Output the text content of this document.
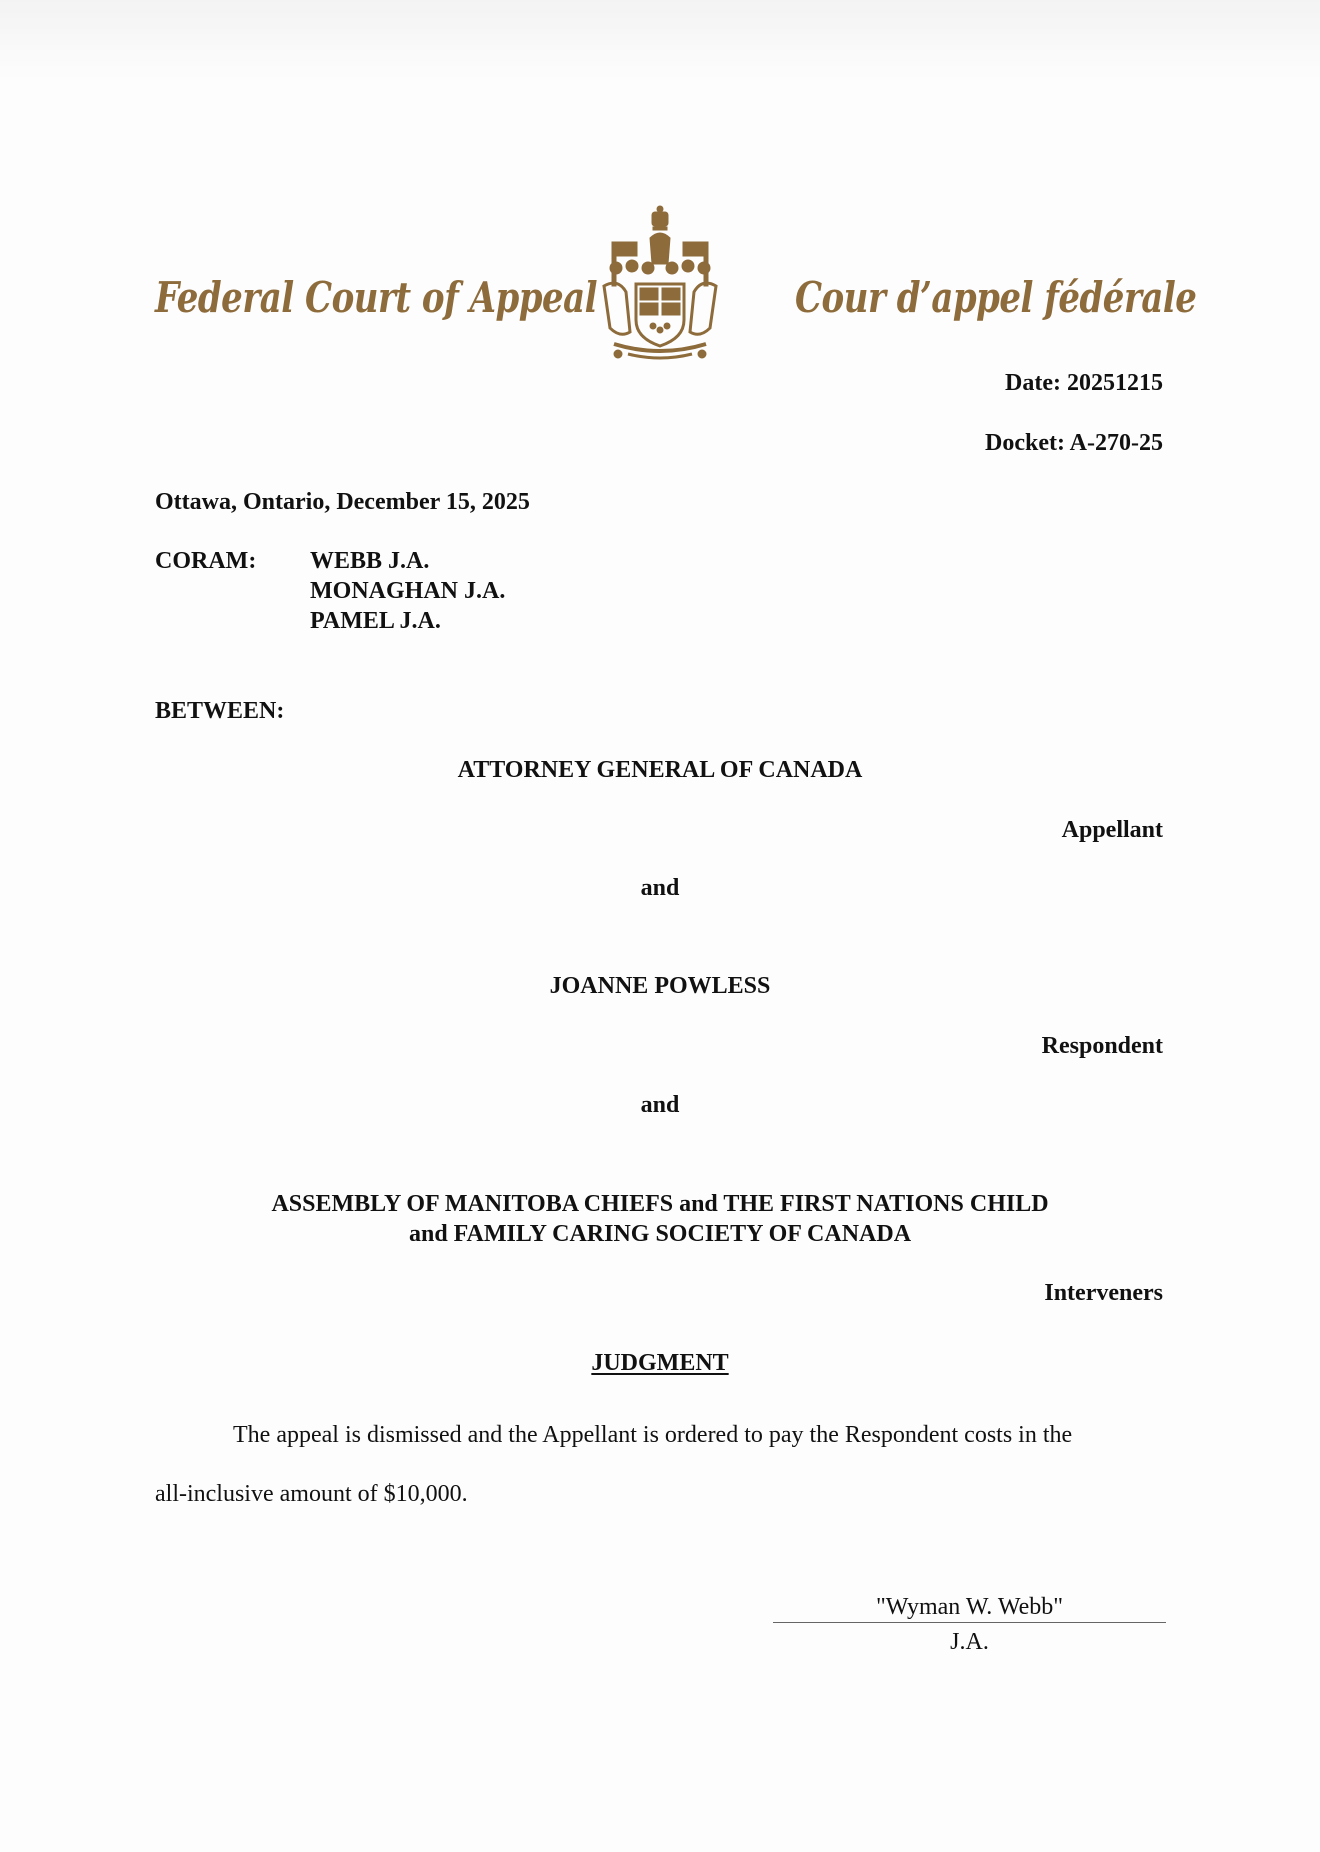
Federal Court of Appeal	Cour d’appel fédérale
Date: 20251215
Docket: A-270-25
Ottawa, Ontario, December 15, 2025
CORAM: WEBB J.A.
MONAGHAN J.A.
PAMEL J.A.
BETWEEN:
ATTORNEY GENERAL OF CANADA
Appellant
and
JOANNE POWLESS
Respondent
and
ASSEMBLY OF MANITOBA CHIEFS and THE FIRST NATIONS CHILD
and FAMILY CARING SOCIETY OF CANADA
Interveners
JUDGMENT
The appeal is dismissed and the Appellant is ordered to pay the Respondent costs in the
all-inclusive amount of $10,000.
"Wyman W. Webb"
J.A.
